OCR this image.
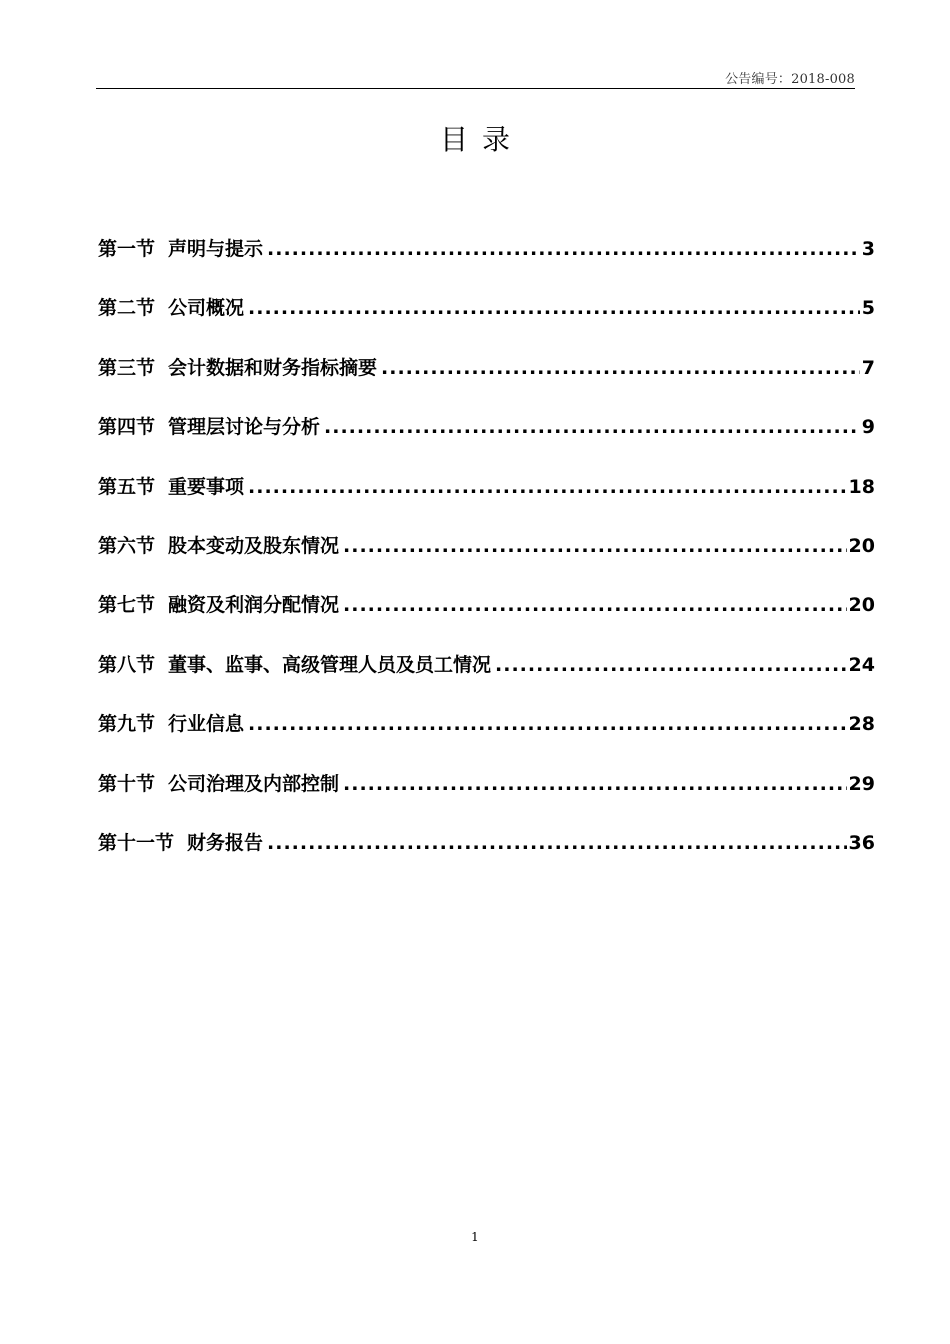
公告编号：2018-008
目录
第一节 声明与提示 .....	3
第二节 公司概况 .....	5
第三节 会计数据和财务指标摘要 .....	7
第四节 管理层讨论与分析 .....	9
第五节 重要事项 .....	18
第六节 股本变动及股东情况 .....	20
第七节 融资及利润分配情况 .....	20
第八节 董事、监事、高级管理人员及员工情况 .....	24
第九节 行业信息 .....	28
第十节 公司治理及内部控制 .....	29
第十一节 财务报告 .....	36
1
